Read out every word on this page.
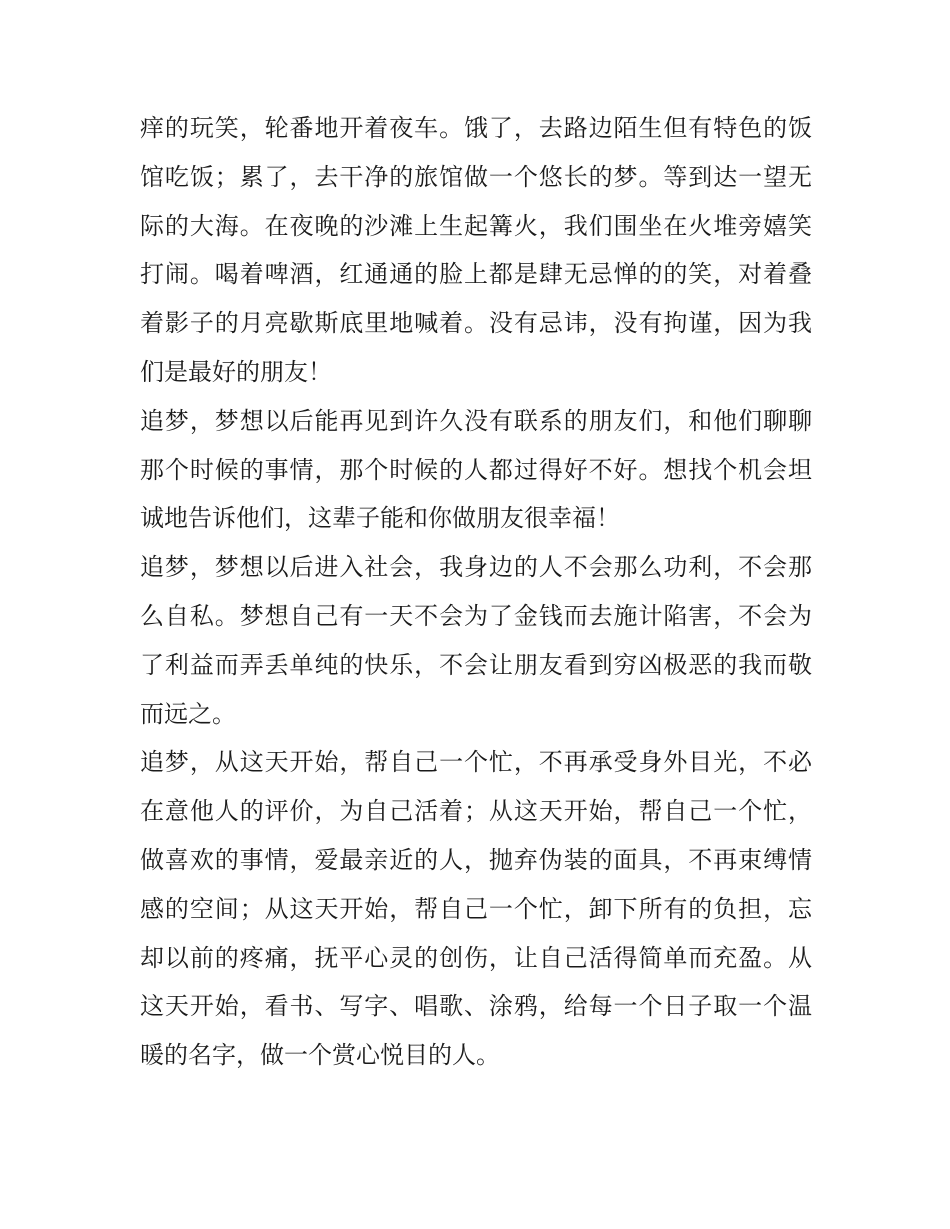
痒的玩笑，轮番地开着夜车。饿了，去路边陌生但有特色的饭
馆吃饭；累了，去干净的旅馆做一个悠长的梦。等到达一望无
际的大海。在夜晚的沙滩上生起篝火，我们围坐在火堆旁嬉笑
打闹。喝着啤酒，红通通的脸上都是肆无忌惮的的笑，对着叠
着影子的月亮歇斯底里地喊着。没有忌讳，没有拘谨，因为我
们是最好的朋友！
追梦，梦想以后能再见到许久没有联系的朋友们，和他们聊聊
那个时候的事情，那个时候的人都过得好不好。想找个机会坦
诚地告诉他们，这辈子能和你做朋友很幸福！
追梦，梦想以后进入社会，我身边的人不会那么功利，不会那
么自私。梦想自己有一天不会为了金钱而去施计陷害，不会为
了利益而弄丢单纯的快乐，不会让朋友看到穷凶极恶的我而敬
而远之。
追梦，从这天开始，帮自己一个忙，不再承受身外目光，不必
在意他人的评价，为自己活着；从这天开始，帮自己一个忙，
做喜欢的事情，爱最亲近的人，抛弃伪装的面具，不再束缚情
感的空间；从这天开始，帮自己一个忙，卸下所有的负担，忘
却以前的疼痛，抚平心灵的创伤，让自己活得简单而充盈。从
这天开始，看书、写字、唱歌、涂鸦，给每一个日子取一个温
暖的名字，做一个赏心悦目的人。
